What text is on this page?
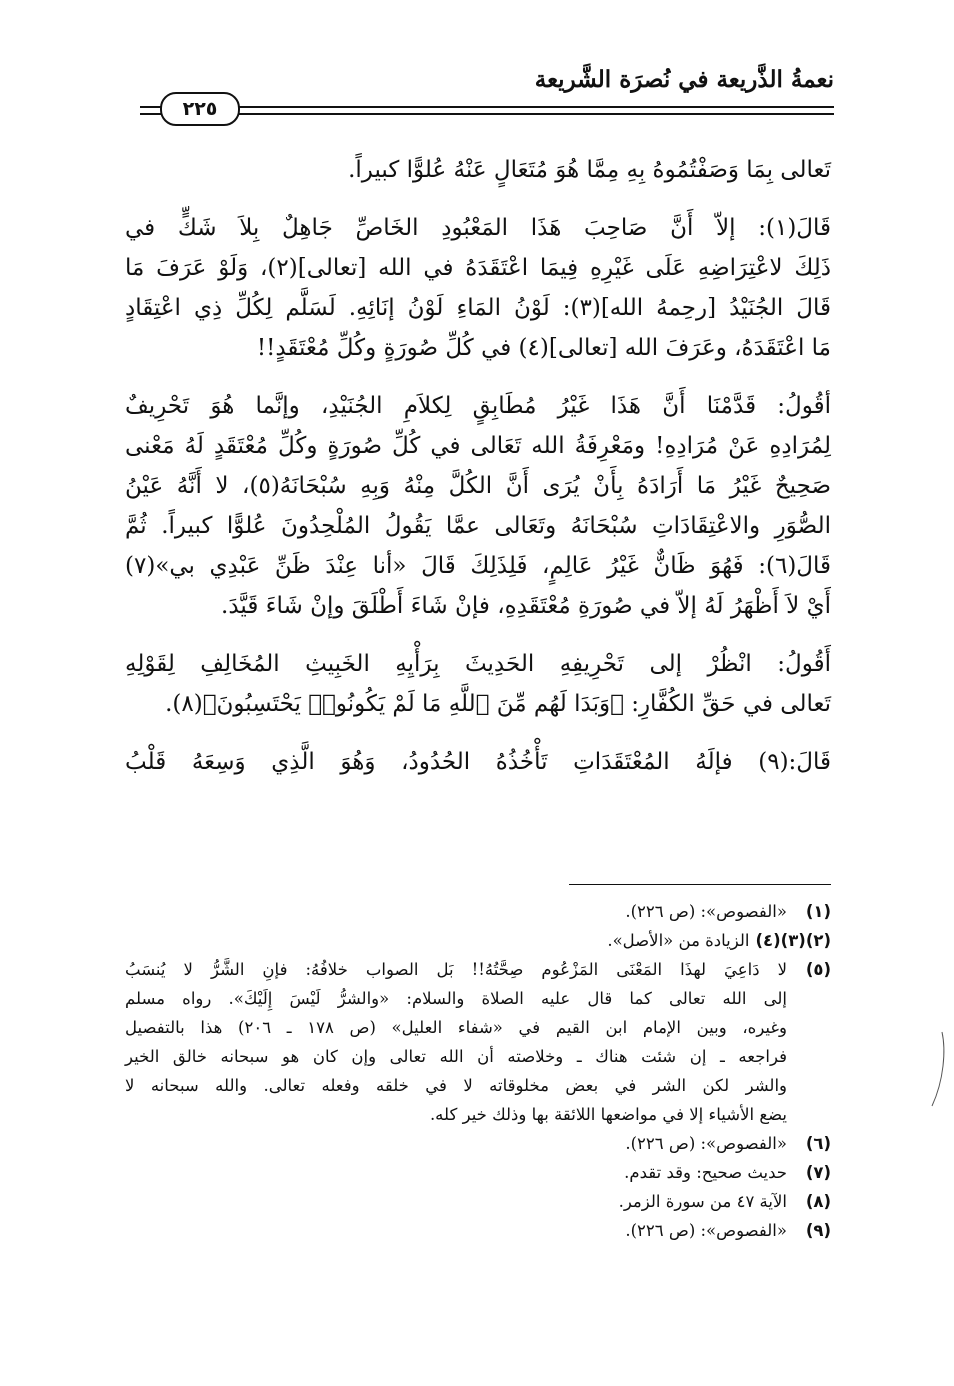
نعمةُ الذَّريعة في نُصرَة الشَّريعة
٢٢٥

تَعالى بِمَا وَصَفْتُمُوهُ بِهِ مِمَّا هُوَ مُتَعَالٍ عَنْهُ عُلوًّا كبيراً.

قَالَ(١): إلاّ أَنَّ صَاحِبَ هَذَا المَعْبُودِ الخَاصِّ جَاهِلٌ بِلاَ شَكٍّ في
ذَلِكَ لاعْتِرَاضِهِ عَلَى غَيْرِهِ فِيمَا اعْتَقَدَهُ في الله [تعالى](٢)، وَلَوْ عَرَفَ مَا
قَالَ الجُنَيْدُ [رحِمهُ الله](٣): لَوْنُ المَاءِ لَوْنُ إنَائِهِ. لَسَلَّم لِكُلِّ ذِي اعْتِقَادٍ
مَا اعْتَقَدَهُ، وعَرَفَ الله [تعالى](٤) في كُلِّ صُورَةٍ وكُلِّ مُعْتَقَدٍ!!

أقُولُ: قَدَّمْنَا أَنَّ هَذَا غَيْرُ مُطَابِقٍ لِكلاَمِ الجُنَيْدِ، وإنَّما هُوَ تَحْرِيفٌ
لِمُرَادِهِ عَنْ مُرَادِهِ! ومَعْرِفَةُ الله تَعَالى في كُلِّ صُورَةٍ وكُلِّ مُعْتَقَدٍ لَهُ مَعْنى
صَحِيحٌ غَيْرُ مَا أَرَادَهُ بِأَنْ يُرَى أَنَّ الكُلَّ مِنْهُ وَبِهِ سُبْحَانَهُ(٥)، لا أَنَّهُ عَيْنُ
الصُّوَرِ والاعْتِقَادَاتِ سُبْحَانَهُ وتَعَالى عمَّا يَقُولُ المُلْحِدُونَ عُلوًّا كبيراً. ثُمَّ
قَالَ(٦): فَهُوَ ظَانٌّ غَيْرُ عَالِمٍ، فَلِذَلِكَ قَالَ «أنا عِنْدَ ظَنِّ عَبْدِي بي»(٧)
أَيْ لاَ أَظْهَرُ لَهُ إلاّ في صُورَةِ مُعْتَقَدِهِ، فإنْ شَاءَ أَطْلَقَ وإنْ شَاءَ قَيَّدَ.

أَقُولُ: انْظُرْ إلى تَحْرِيفِهِ الحَدِيثَ بِرَأْيِهِ الخَبِيثِ المُخَالِفِ لِقَوْلِهِ
تَعالى في حَقِّ الكُفَّارِ: ﴿وَبَدَا لَهُم مِّنَ ٱللَّهِ مَا لَمْ يَكُونُوا۟ يَحْتَسِبُونَ﴾(٨).

قَالَ:(٩) فإلَهُ المُعْتَقَدَاتِ تَأْخُذُهُ الحُدُودُ، وَهُوَ الَّذِي وَسِعَهُ قَلْبُ

(١)
«الفصوص»: (ص ٢٢٦).
(٢)(٣)(٤)
الزيادة من «الأصل».
(٥)
لا دَاعِيَ لهذَا المَعْنَى المَزْعُوم صِحَّتُهُ!! بَل الصواب خلافُهُ: فإنِ الشَّرُّ لا يُنسَبُ
إلى الله تعالى كما قال عليه الصلاة والسلام: «والشرُّ لَيْسَ إِلَيْكَ». رواه مسلم
وغيره، وبين الإمام ابن القيم في «شفاء العليل» (ص ١٧٨ ـ ٢٠٦) هذا بالتفصيل
فراجعه ـ إن شئت هناك ـ وخلاصته أن الله تعالى وإن كان هو سبحانه خالق الخير
والشر لكن الشر في بعض مخلوقاته لا في خلقه وفعله تعالى. والله سبحانه لا
يضع الأشياء إلا في مواضعها اللائقة بها وذلك خير كله.
(٦)
«الفصوص»: (ص ٢٢٦).
(٧)
حديث صحيح: وقد تقدم.
(٨)
الآية ٤٧ من سورة الزمر.
(٩)
«الفصوص»: (ص ٢٢٦).
